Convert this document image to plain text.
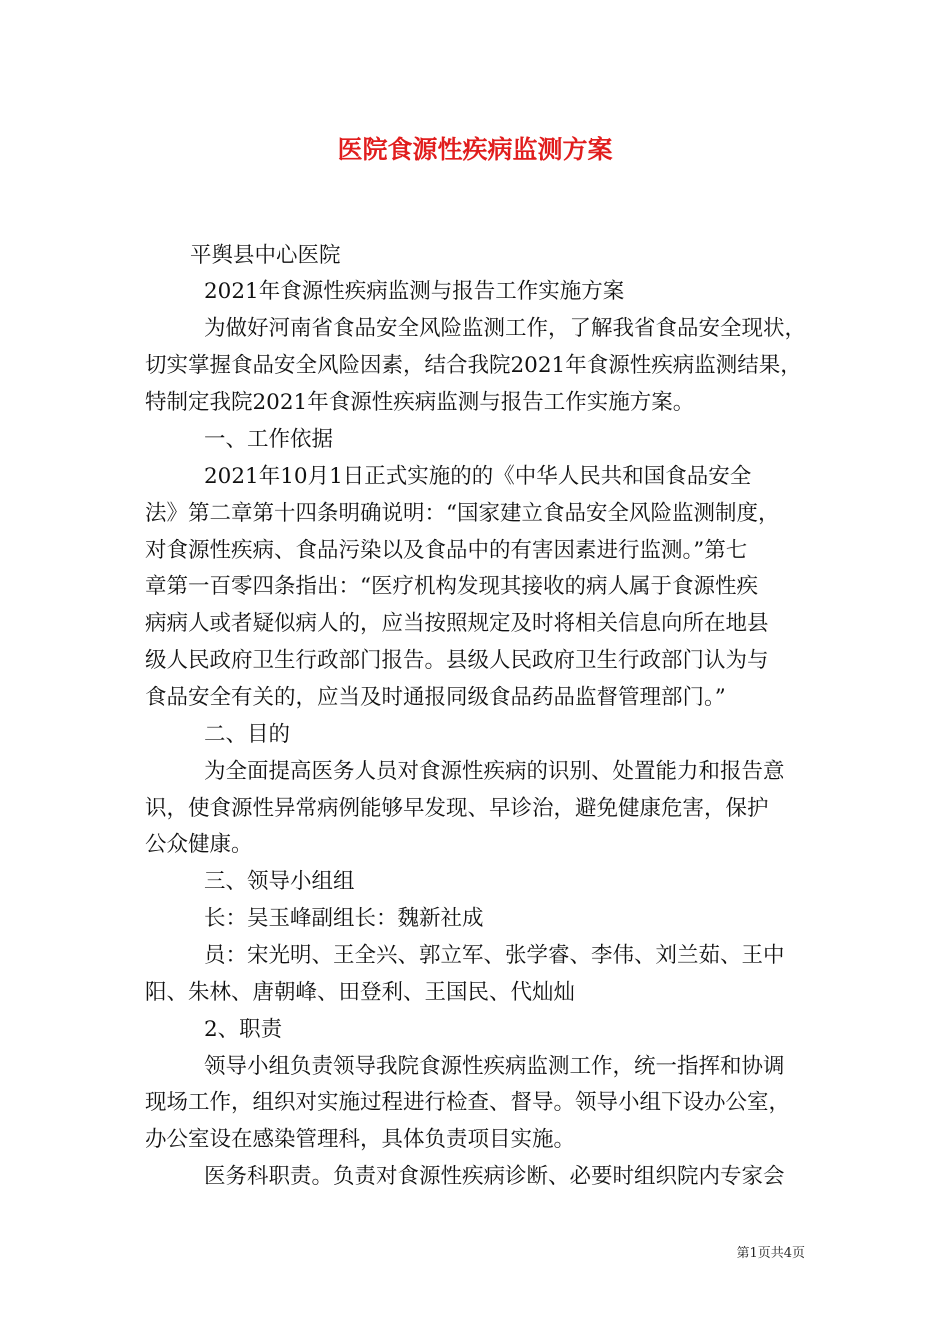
医院食源性疾病监测方案

平舆县中心医院

2021年食源性疾病监测与报告工作实施方案

为做好河南省食品安全风险监测工作，了解我省食品安全现状，

切实掌握食品安全风险因素，结合我院2021年食源性疾病监测结果，

特制定我院2021年食源性疾病监测与报告工作实施方案。

一、工作依据

2021年10月1日正式实施的的《中华人民共和国食品安全

法》第二章第十四条明确说明：“国家建立食品安全风险监测制度，

对食源性疾病、食品污染以及食品中的有害因素进行监测。”第七

章第一百零四条指出：“医疗机构发现其接收的病人属于食源性疾

病病人或者疑似病人的，应当按照规定及时将相关信息向所在地县

级人民政府卫生行政部门报告。县级人民政府卫生行政部门认为与

食品安全有关的，应当及时通报同级食品药品监督管理部门。”

二、目的

为全面提高医务人员对食源性疾病的识别、处置能力和报告意

识，使食源性异常病例能够早发现、早诊治，避免健康危害，保护

公众健康。

三、领导小组组

长：吴玉峰副组长：魏新社成

员：宋光明、王全兴、郭立军、张学睿、李伟、刘兰茹、王中

阳、朱林、唐朝峰、田登利、王国民、代灿灿

2、职责

领导小组负责领导我院食源性疾病监测工作，统一指挥和协调

现场工作，组织对实施过程进行检查、督导。领导小组下设办公室，

办公室设在感染管理科，具体负责项目实施。

医务科职责。负责对食源性疾病诊断、必要时组织院内专家会

第1页共4页
